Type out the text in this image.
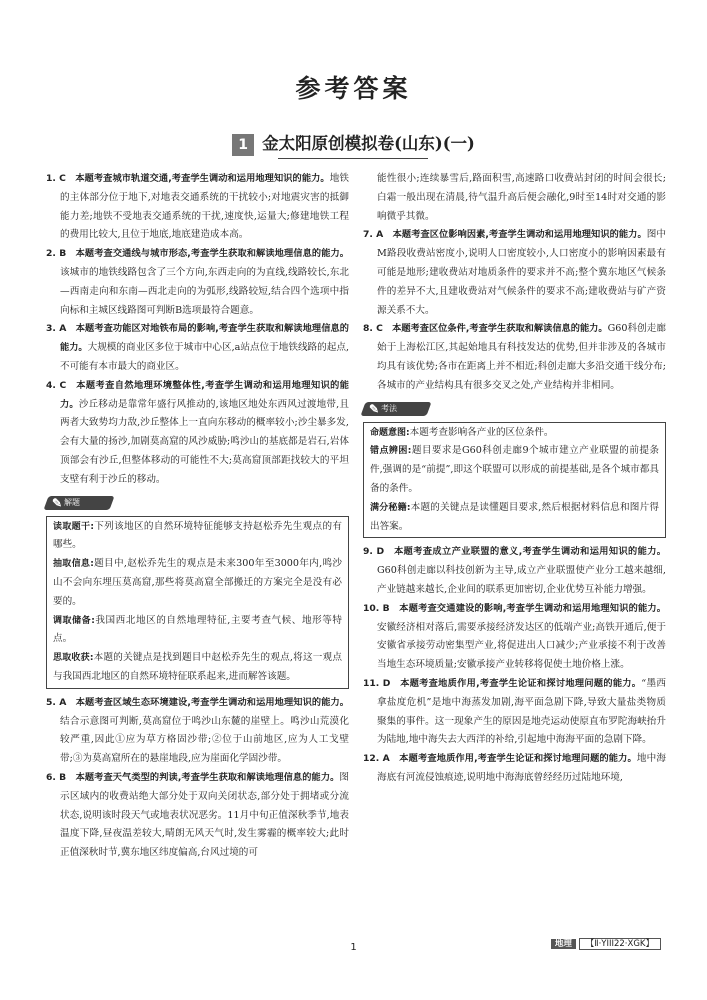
参考答案
1 金太阳原创模拟卷(山东)(一)

1. C　本题考查城市轨道交通,考查学生调动和运用地理知识的能力。地铁的主体部分位于地下,对地表交通系统的干扰较小;对地震灾害的抵御能力差;地铁不受地表交通系统的干扰,速度快,运量大;修建地铁工程的费用比较大,且位于地底,地底建造成本高。

2. B　本题考查交通线与城市形态,考查学生获取和解读地理信息的能力。该城市的地铁线路包含了三个方向,东西走向的为直线,线路较长,东北—西南走向和东南—西北走向的为弧形,线路较短,结合四个选项中指向标和主城区线路图可判断B选项最符合题意。

3. A　本题考查功能区对地铁布局的影响,考查学生获取和解读地理信息的能力。大规模的商业区多位于城市中心区,a站点位于地铁线路的起点,不可能有本市最大的商业区。

4. C　本题考查自然地理环境整体性,考查学生调动和运用地理知识的能力。沙丘移动是靠常年盛行风推动的,该地区地处东西风过渡地带,且两者大致势均力敌,沙丘整体上一直向东移动的概率较小;沙尘暴多发,会有大量的扬沙,加剧莫高窟的风沙威胁;鸣沙山的基底都是岩石,岩体顶部会有沙丘,但整体移动的可能性不大;莫高窟顶部距找较大的平坦支壁有利于沙丘的移动。

✎ 解题

读取题干:下列该地区的自然环境特征能够支持赵松乔先生观点的有哪些。

抽取信息:题目中,赵松乔先生的观点是未来300年至3000年内,鸣沙山不会向东埋压莫高窟,那些将莫高窟全部搬迁的方案完全是没有必要的。

调取储备:我国西北地区的自然地理特征,主要考查气候、地形等特点。

思取收获:本题的关键点是找到题目中赵松乔先生的观点,将这一观点与我国西北地区的自然环境特征联系起来,进而解答该题。

5. A　本题考查区域生态环境建设,考查学生调动和运用地理知识的能力。结合示意图可判断,莫高窟位于鸣沙山东麓的崖壁上。鸣沙山荒漠化较严重,因此①应为草方格固沙带;②位于山前地区,应为人工戈壁带;③为莫高窟所在的悬崖地段,应为崖面化学固沙带。

6. B　本题考查天气类型的判读,考查学生获取和解读地理信息的能力。图示区域内的收费站绝大部分处于双向关闭状态,部分处于拥堵或分流状态,说明该时段天气或地表状况恶劣。11月中旬正值深秋季节,地表温度下降,昼夜温差较大,晴朗无风天气时,发生雾霾的概率较大;此时正值深秋时节,冀东地区纬度偏高,台风过境的可

能性很小;连续暴雪后,路面积雪,高速路口收费站封闭的时间会很长;白霜一般出现在清晨,待气温升高后便会融化,9时至14时对交通的影响微乎其微。

7. A　本题考查区位影响因素,考查学生调动和运用地理知识的能力。图中M路段收费站密度小,说明人口密度较小,人口密度小的影响因素最有可能是地形;建收费站对地质条件的要求并不高;整个冀东地区气候条件的差异不大,且建收费站对气候条件的要求不高;建收费站与矿产资源关系不大。

8. C　本题考查区位条件,考查学生获取和解读信息的能力。G60科创走廊始于上海松江区,其起始地具有科技发达的优势,但并非涉及的各城市均具有该优势;各市在距离上并不相近;科创走廊大多沿交通干线分布;各城市的产业结构具有很多交叉之处,产业结构并非相同。

✎ 考法

命题意图:本题考查影响各产业的区位条件。

错点辨困:题目要求是G60科创走廊9个城市建立产业联盟的前提条件,强调的是“前提”,即这个联盟可以形成的前提基础,是各个城市都具备的条件。

满分秘籍:本题的关键点是读懂题目要求,然后根据材料信息和图片得出答案。

9. D　本题考查成立产业联盟的意义,考查学生调动和运用知识的能力。G60科创走廊以科技创新为主导,成立产业联盟使产业分工越来越细,产业链越来越长,企业间的联系更加密切,企业优势互补能力增强。

10. B　本题考查交通建设的影响,考查学生调动和运用地理知识的能力。安徽经济相对落后,需要承接经济发达区的低端产业;高铁开通后,便于安徽省承接劳动密集型产业,将促进出人口减少;产业承接不利于改善当地生态环境质量;安徽承接产业转移将促使土地价格上涨。

11. D　本题考查地质作用,考查学生论证和探讨地理问题的能力。“墨西拿盐度危机”是地中海蒸发加剧,海平面急剧下降,导致大量盐类物质聚集的事件。这一现象产生的原因是地壳运动使原直布罗陀海峡抬升为陆地,地中海失去大西洋的补给,引起地中海海平面的急剧下降。

12. A　本题考查地质作用,考查学生论证和探讨地理问题的能力。地中海海底有河流侵蚀痕迹,说明地中海海底曾经经历过陆地环境,

1	地理 【Ⅱ·YIII22·XGK】
